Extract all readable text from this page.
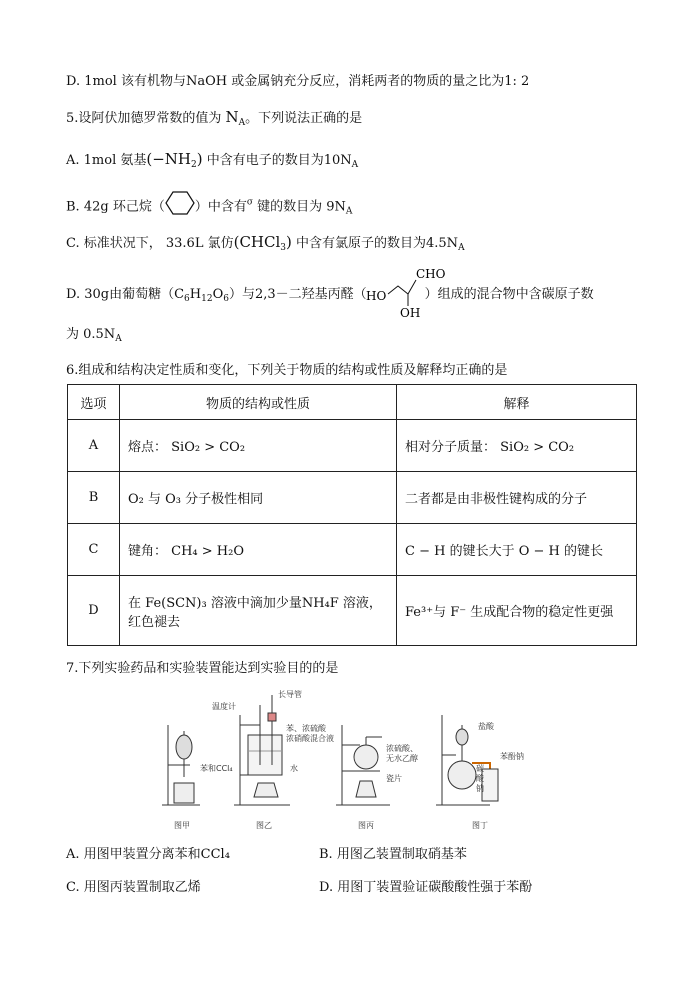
D. 1mol 该有机物与NaOH 或金属钠充分反应，消耗两者的物质的量之比为1: 2
5.设阿伏加德罗常数的值为 $N_A$。下列说法正确的是
A. 1mol 氨基$(-NH_2)$ 中含有电子的数目为$10N_A$
B. 42g 环己烷（ ）中含有$^\sigma$ 键的数目为 $9N_A$
C. 标准状况下， 33.6L 氯仿(CHCl$_3$) 中含有氯原子的数目为$4.5N_A$
D. 30g由葡萄糖$(C_6H_{12}O_6)$与2,3－二羟基丙醛（	）组成的混合物中含碳原子数
CHO
HO
OH
为 $0.5N_A$
6.组成和结构决定性质和变化，下列关于物质的结构或性质及解释均正确的是
选项	物质的结构或性质	解释
A	熔点： SiO₂ > CO₂	相对分子质量： SiO₂ > CO₂
B	O₂ 与 O₃ 分子极性相同	二者都是由非极性键构成的分子
C	键角： CH₄ > H₂O	C − H 的键长大于 O − H 的键长
D	在 Fe(SCN)₃ 溶液中滴加少量NH₄F 溶液，红色褪去	Fe³⁺与 F⁻ 生成配合物的稳定性更强
7.下列实验药品和实验装置能达到实验目的的是
图甲	图乙	图丙	图丁
苯和CCl₄
温度计
长导管
苯、浓硫酸
浓硝酸混合液
水
浓硫酸、
无水乙醇
瓷片
盐酸
碳
酸
钠
苯酚钠
A. 用图甲装置分离苯和CCl₄	B. 用图乙装置制取硝基苯
C. 用图丙装置制取乙烯	D. 用图丁装置验证碳酸酸性强于苯酚
